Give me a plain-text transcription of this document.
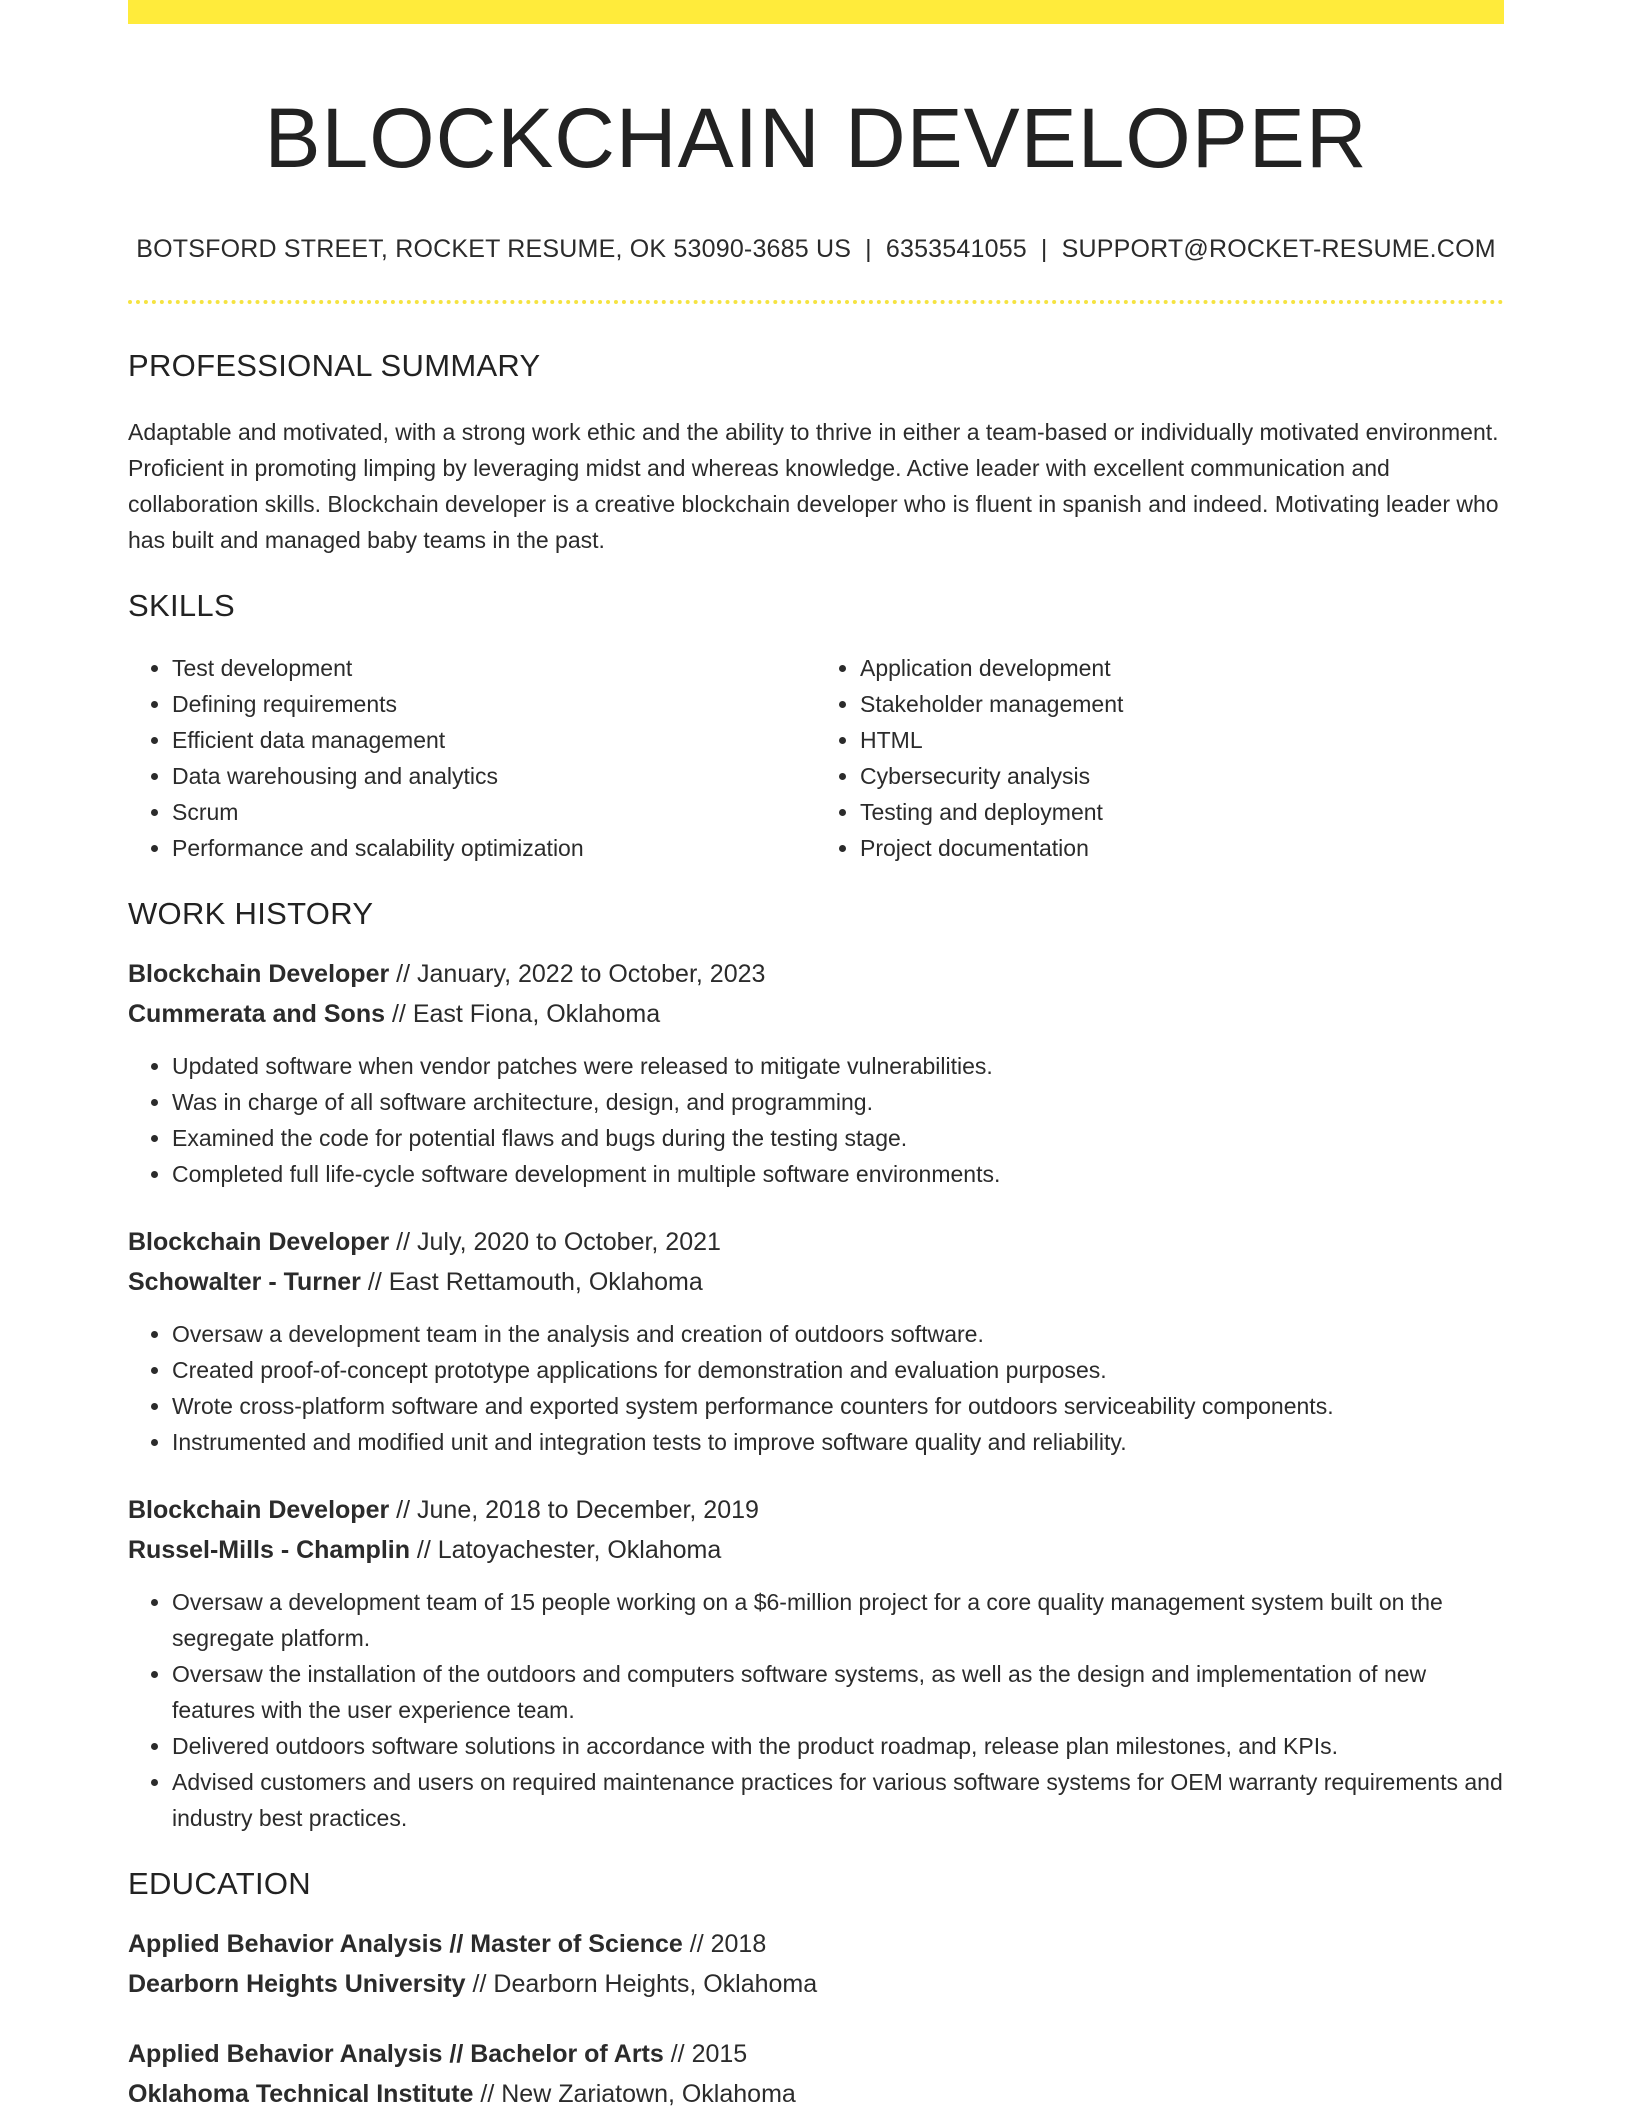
BLOCKCHAIN DEVELOPER
BOTSFORD STREET, ROCKET RESUME, OK 53090-3685 US | 6353541055 | SUPPORT@ROCKET-RESUME.COM
PROFESSIONAL SUMMARY

Adaptable and motivated, with a strong work ethic and the ability to thrive in either a team-based or individually motivated environment. Proficient in promoting limping by leveraging midst and whereas knowledge. Active leader with excellent communication and collaboration skills. Blockchain developer is a creative blockchain developer who is fluent in spanish and indeed. Motivating leader who has built and managed baby teams in the past.

SKILLS
• Test development
• Defining requirements
• Efficient data management
• Data warehousing and analytics
• Scrum
• Performance and scalability optimization
• Application development
• Stakeholder management
• HTML
• Cybersecurity analysis
• Testing and deployment
• Project documentation
WORK HISTORY
Blockchain Developer // January, 2022 to October, 2023
Cummerata and Sons // East Fiona, Oklahoma
• Updated software when vendor patches were released to mitigate vulnerabilities.
• Was in charge of all software architecture, design, and programming.
• Examined the code for potential flaws and bugs during the testing stage.
• Completed full life-cycle software development in multiple software environments.
Blockchain Developer // July, 2020 to October, 2021
Schowalter - Turner // East Rettamouth, Oklahoma
• Oversaw a development team in the analysis and creation of outdoors software.
• Created proof-of-concept prototype applications for demonstration and evaluation purposes.
• Wrote cross-platform software and exported system performance counters for outdoors serviceability components.
• Instrumented and modified unit and integration tests to improve software quality and reliability.
Blockchain Developer // June, 2018 to December, 2019
Russel-Mills - Champlin // Latoyachester, Oklahoma
• Oversaw a development team of 15 people working on a $6-million project for a core quality management system built on the segregate platform.
• Oversaw the installation of the outdoors and computers software systems, as well as the design and implementation of new features with the user experience team.
• Delivered outdoors software solutions in accordance with the product roadmap, release plan milestones, and KPIs.
• Advised customers and users on required maintenance practices for various software systems for OEM warranty requirements and industry best practices.
EDUCATION
Applied Behavior Analysis // Master of Science // 2018
Dearborn Heights University // Dearborn Heights, Oklahoma
Applied Behavior Analysis // Bachelor of Arts // 2015
Oklahoma Technical Institute // New Zariatown, Oklahoma
